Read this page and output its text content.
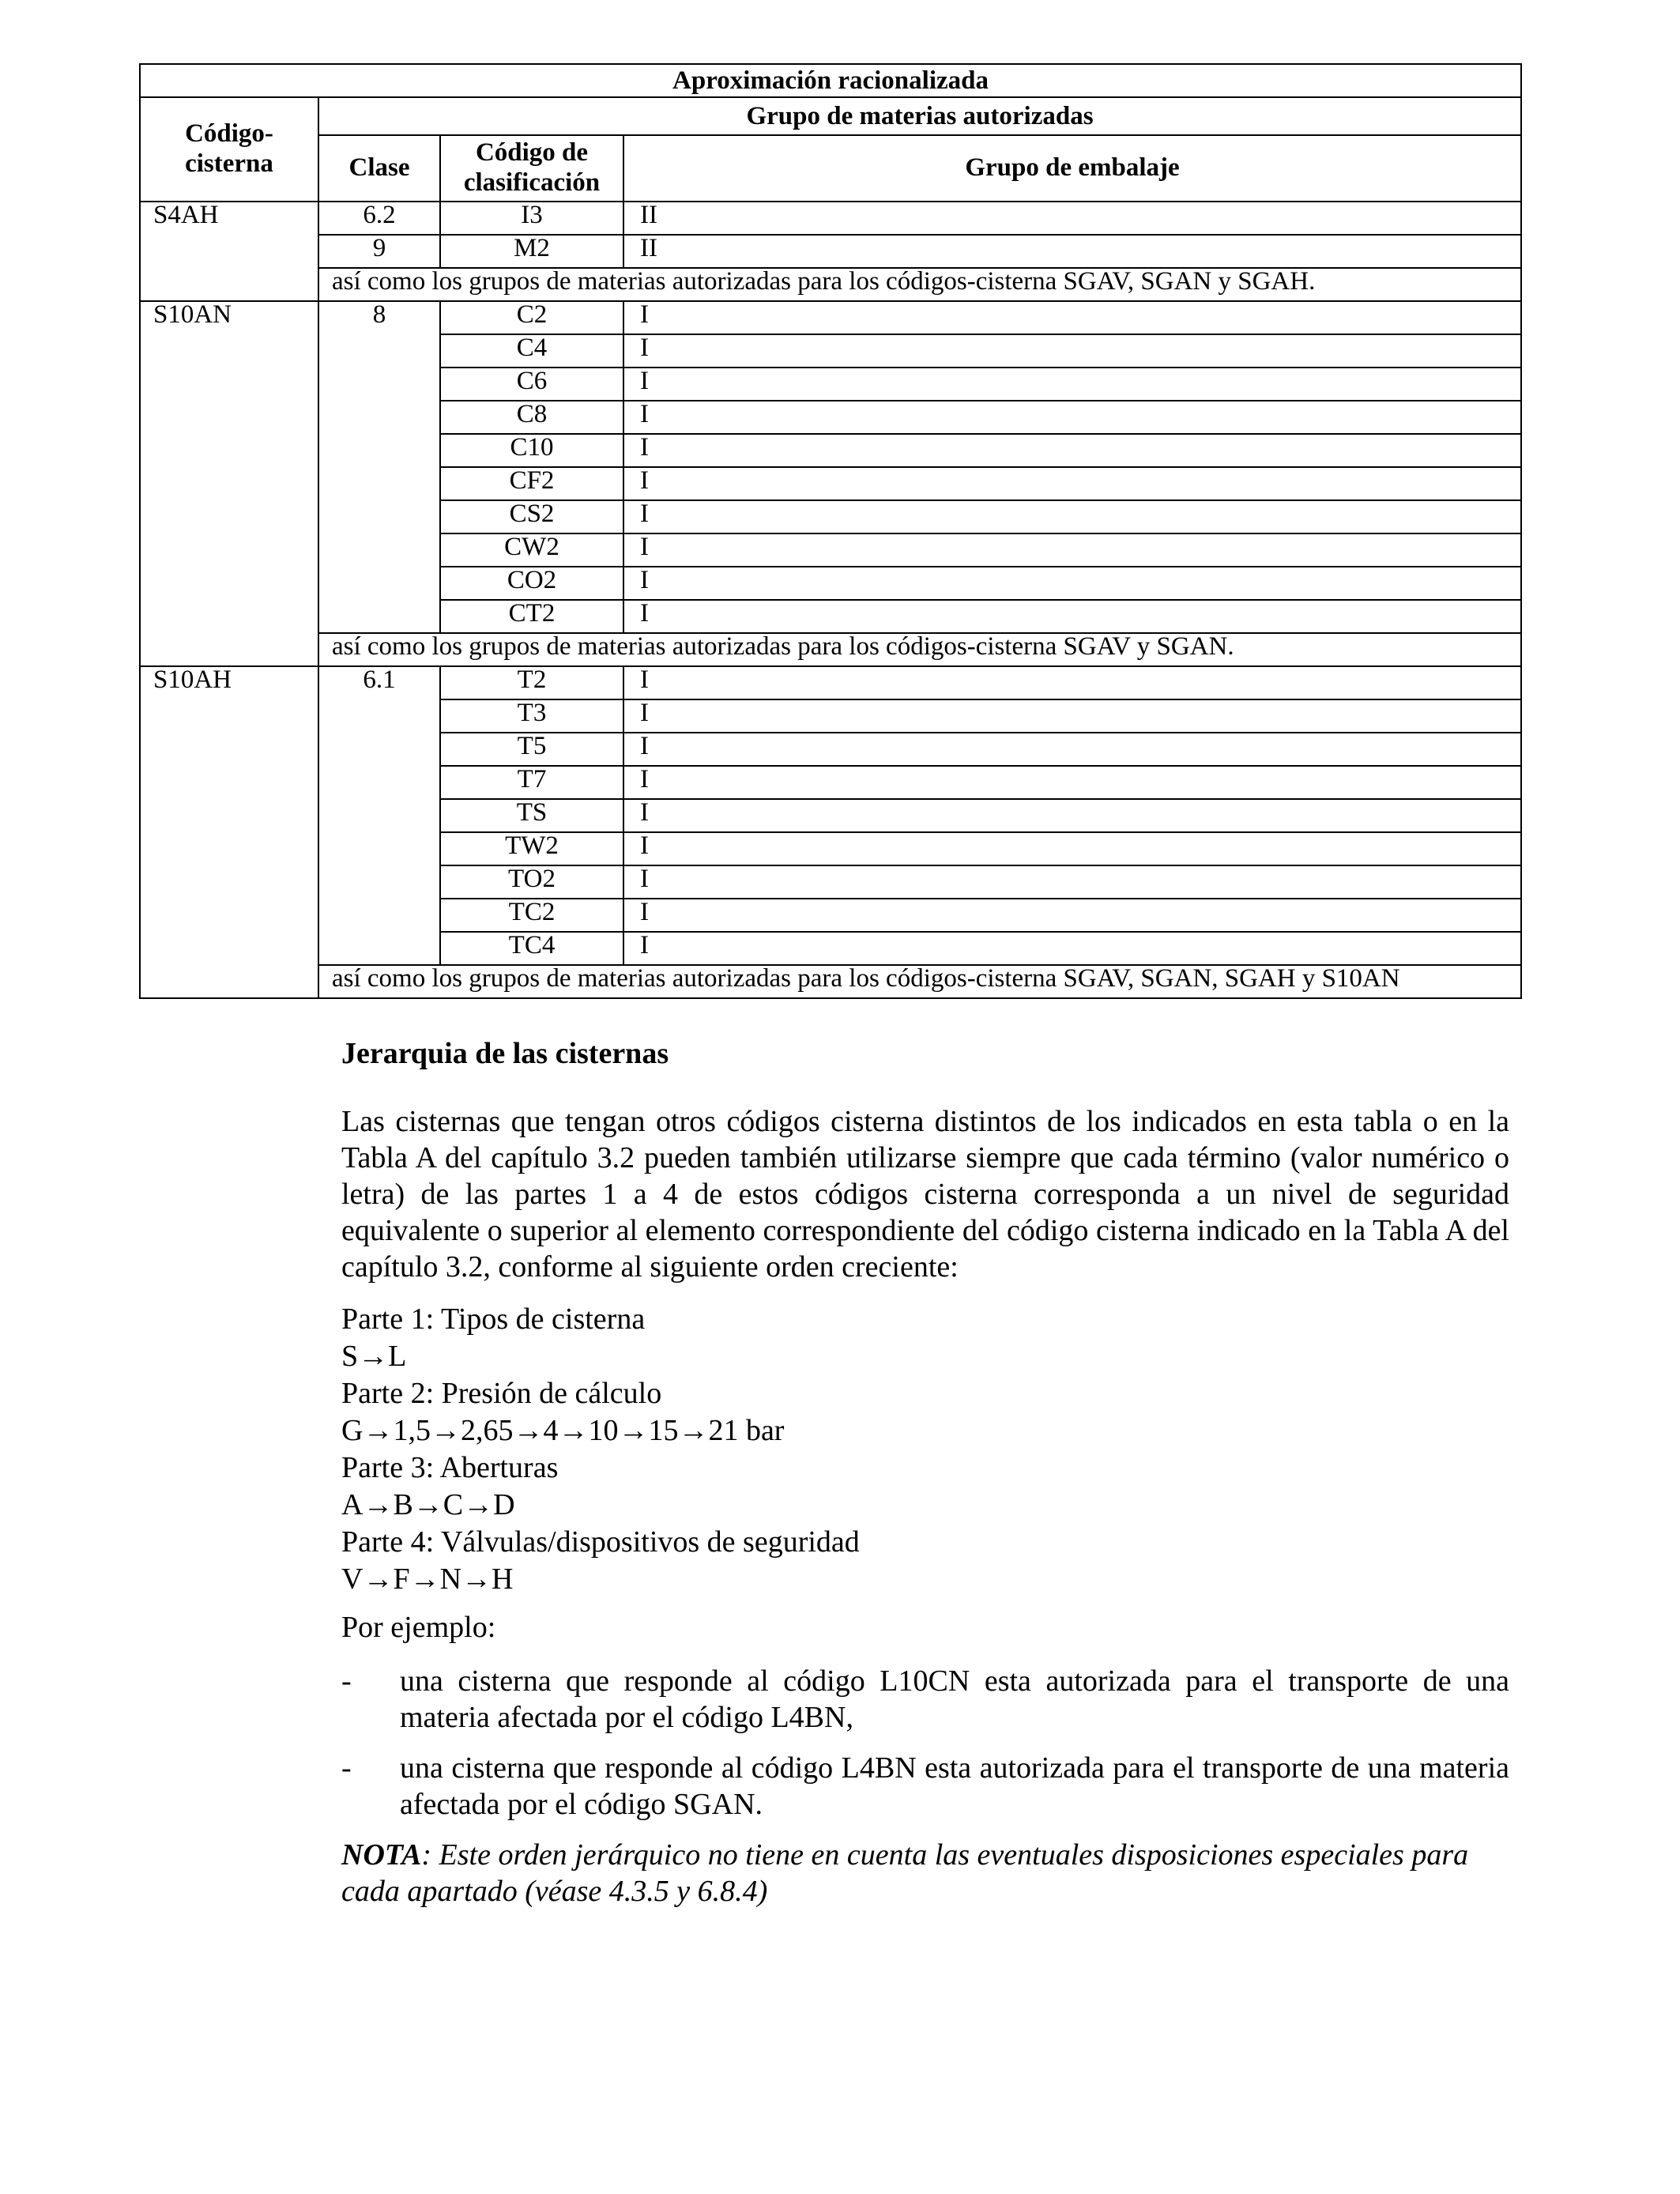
Aproximación racionalizada			
Código-
cisterna	Grupo de materias autorizadas		
	Clase	Código de
clasificación	Grupo de embalaje
S4AH	6.2	I3	II
	9	M2	II
	así como los grupos de materias autorizadas para los códigos-cisterna SGAV, SGAN y SGAH.		
S10AN	8	C2	I
		C4	I
		C6	I
		C8	I
		C10	I
		CF2	I
		CS2	I
		CW2	I
		CO2	I
		CT2	I
	así como los grupos de materias autorizadas para los códigos-cisterna SGAV y SGAN.		
S10AH	6.1	T2	I
		T3	I
		T5	I
		T7	I
		TS	I
		TW2	I
		TO2	I
		TC2	I
		TC4	I
	así como los grupos de materias autorizadas para los códigos-cisterna SGAV, SGAN, SGAH y S10AN		

Jerarquia de las cisternas

Las cisternas que tengan otros códigos cisterna distintos de los indicados en esta tabla o en la Tabla A del capítulo 3.2 pueden también utilizarse siempre que cada término (valor numérico o letra) de las partes 1 a 4 de estos códigos cisterna corresponda a un nivel de seguridad equivalente o superior al elemento correspondiente del código cisterna indicado en la Tabla A del capítulo 3.2, conforme al siguiente orden creciente:

Parte 1: Tipos de cisterna

S→L

Parte 2: Presión de cálculo

G→1,5→2,65→4→10→15→21 bar

Parte 3: Aberturas

A→B→C→D

Parte 4: Válvulas/dispositivos de seguridad

V→F→N→H

Por ejemplo:

- una cisterna que responde al código L10CN esta autorizada para el transporte de una materia afectada por el código L4BN,
- una cisterna que responde al código L4BN esta autorizada para el transporte de una materia afectada por el código SGAN.

NOTA: Este orden jerárquico no tiene en cuenta las eventuales disposiciones especiales para cada apartado (véase 4.3.5 y 6.8.4)
